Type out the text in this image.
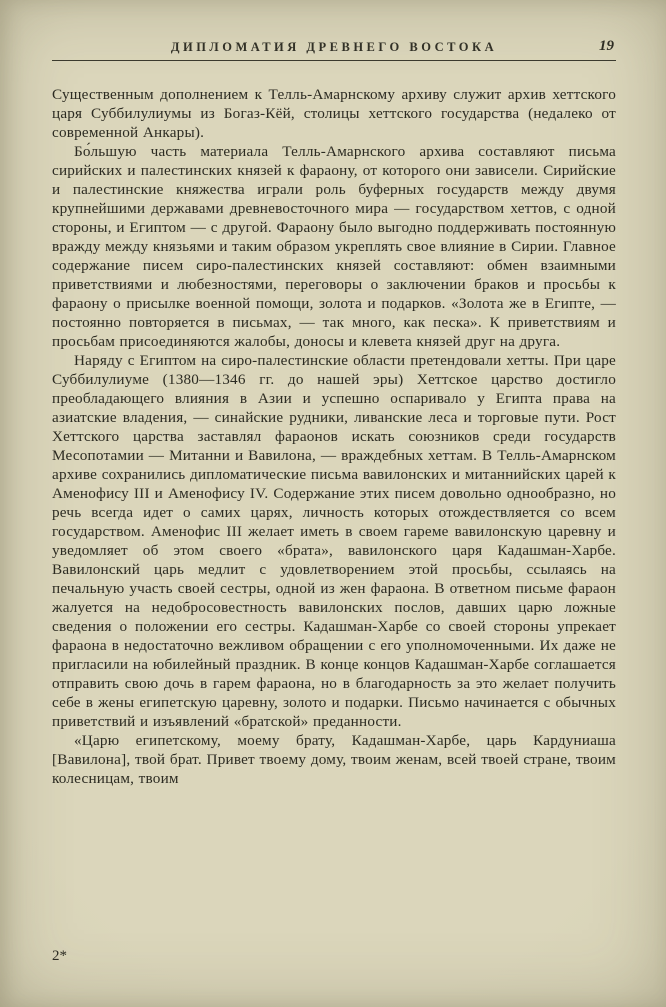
ДИПЛОМАТИЯ ДРЕВНЕГО ВОСТОКА	19

Существенным дополнением к Телль-Амарнскому архиву служит архив хеттского царя Суббилулиумы из Богаз-Кёй, столицы хеттского государства (недалеко от современной Анкары).

Бо́льшую часть материала Телль-Амарнского архива составляют письма сирийских и палестинских князей к фараону, от которого они зависели. Сирийские и палестинские княжества играли роль буферных государств между двумя крупнейшими державами древневосточного мира — государством хеттов, с одной стороны, и Египтом — с другой. Фараону было выгодно поддерживать постоянную вражду между князьями и таким образом укреплять свое влияние в Сирии. Главное содержание писем сиро-палестинских князей составляют: обмен взаимными приветствиями и любезностями, переговоры о заключении браков и просьбы к фараону о присылке военной помощи, золота и подарков. «Золота же в Египте, — постоянно повторяется в письмах, — так много, как песка». К приветствиям и просьбам присоединяются жалобы, доносы и клевета князей друг на друга.

Наряду с Египтом на сиро-палестинские области претендовали хетты. При царе Суббилулиуме (1380—1346 гг. до нашей эры) Хеттское царство достигло преобладающего влияния в Азии и успешно оспаривало у Египта права на азиатские владения, — синайские рудники, ливанские леса и торговые пути. Рост Хеттского царства заставлял фараонов искать союзников среди государств Месопотамии — Митанни и Вавилона, — враждебных хеттам. В Телль-Амарнском архиве сохранились дипломатические письма вавилонских и митаннийских царей к Аменофису III и Аменофису IV. Содержание этих писем довольно однообразно, но речь всегда идет о самих царях, личность которых отождествляется со всем государством. Аменофис III желает иметь в своем гареме вавилонскую царевну и уведомляет об этом своего «брата», вавилонского царя Кадашман-Харбе. Вавилонский царь медлит с удовлетворением этой просьбы, ссылаясь на печальную участь своей сестры, одной из жен фараона. В ответном письме фараон жалуется на недобросовестность вавилонских послов, давших царю ложные сведения о положении его сестры. Кадашман-Харбе со своей стороны упрекает фараона в недостаточно вежливом обращении с его уполномоченными. Их даже не пригласили на юбилейный праздник. В конце концов Кадашман-Харбе соглашается отправить свою дочь в гарем фараона, но в благодарность за это желает получить себе в жены египетскую царевну, золото и подарки. Письмо начинается с обычных приветствий и изъявлений «братской» преданности.

«Царю египетскому, моему брату, Кадашман-Харбе, царь Кардуниаша [Вавилона], твой брат. Привет твоему дому, твоим женам, всей твоей стране, твоим колесницам, твоим

2*
